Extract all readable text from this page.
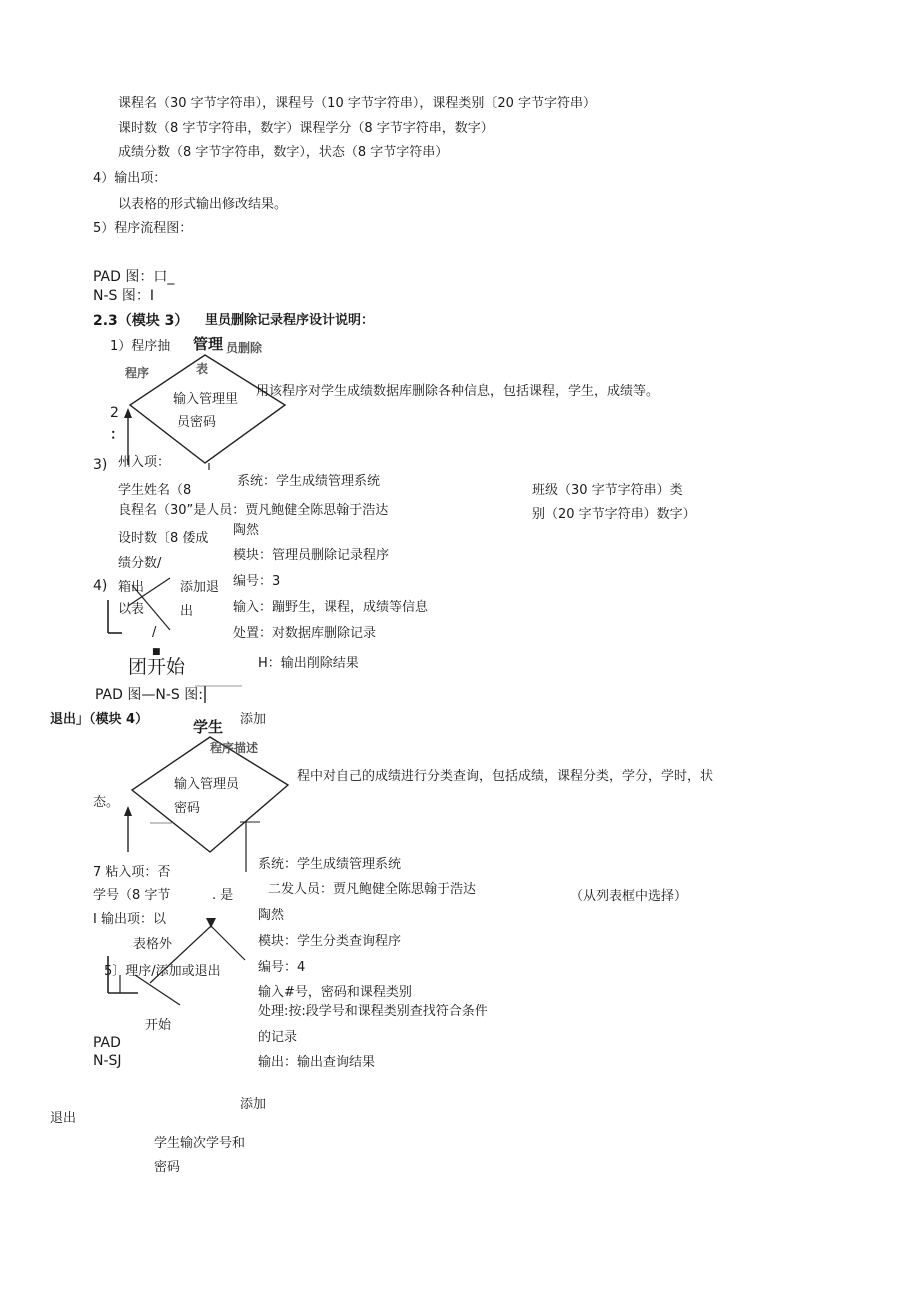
课程名（30 字节字符串），课程号（10 字节字符串），课程类别〔20 字节字符串）
课时数（8 字节字符串，数字）课程学分（8 字节字符串，数字）
成绩分数（8 字节字符串，数字），状态（8 字节字符串）
4）输出项：
以表格的形式输出修改结果。
5）程序流程图：
PAD 图：口_
N-S 图：I
2.3（模块 3） 里员删除记录程序设计说明：
1）程序抽 管理 员删除
程序	表
输入管理里
员密码
用该程序对学生成绩数据库删除各种信息，包括课程，学生，成绩等。
2
：
3) 州入项：
系统：学生成绩管理系统
学生姓名（8	班级（30 字节字符串）类
良程名（30”是人员：贾凡鲍健全陈思翰于浩达	别（20 字节字符串）数字）
陶然
设时数〔8 倭成
模块：管理员删除记录程序
绩分数/
编号：3
4) 箱出	添加退
输入：蹦野生，课程，成绩等信息
以表	出
处置：对数据库删除记录
/
■
团开始	H：输出削除结果
PAD 图—N-S 图:
退出」（模块 4）	学生 添加
程序描述
程中对自己的成绩进行分类查询，包括成绩，课程分类，学分，学时，状
输入管理员
态。	密码
系统：学生成绩管理系统
7 粘入项：否
二发人员：贾凡鲍健全陈思翰于浩达
学号（8 字节	. 是	（从列表框中选择）
陶然
I 输出项：以
模块：学生分类查询程序
表格外
编号：4
5〕理序/添加或退出
输入#号，密码和课程类别
处理:按:段学号和课程类别查找符合条件
开始
的记录
PAD
N-SJ	输出：输出查询结果
添加
退出
学生输次学号和
密码
